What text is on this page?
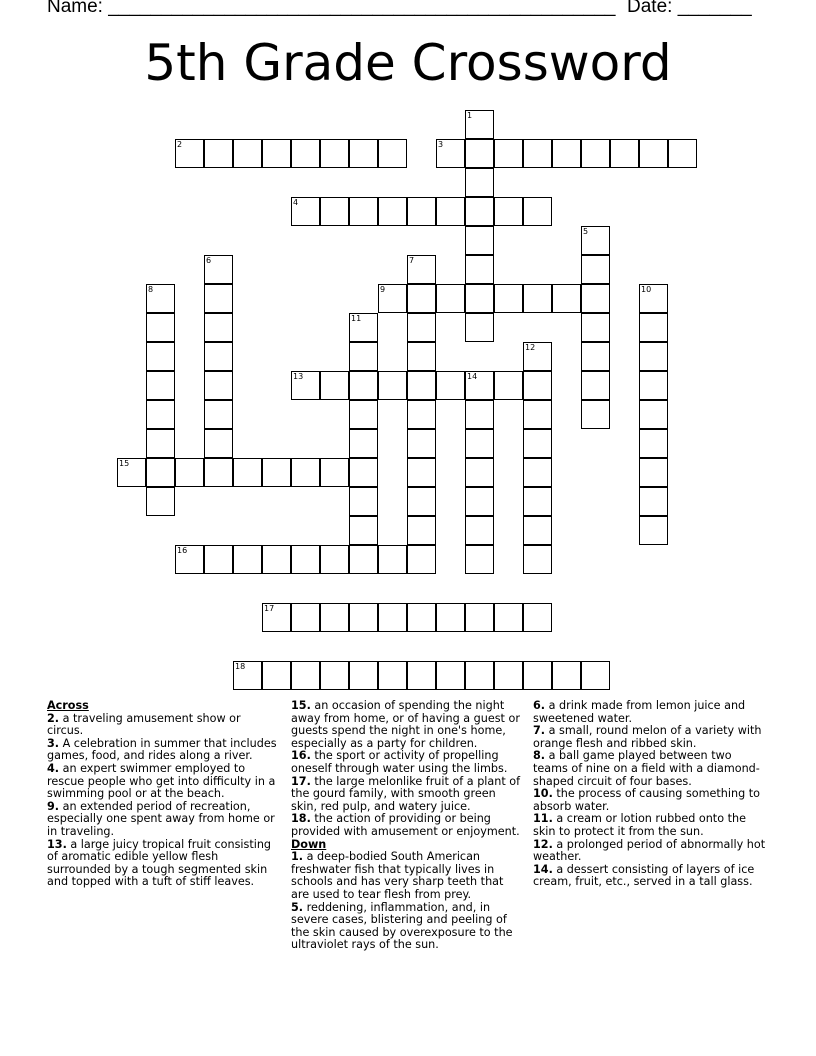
Name: ________________________________________________ Date: _______
5th Grade Crossword
1
2	3
4
5
6	7
8	9	10
11
12
13	14
15
16
17
18

Across

2. a traveling amusement show or circus.

3. A celebration in summer that includes games, food, and rides along a river.

4. an expert swimmer employed to rescue people who get into difficulty in a swimming pool or at the beach.

9. an extended period of recreation, especially one spent away from home or in traveling.

13. a large juicy tropical fruit consisting of aromatic edible yellow flesh surrounded by a tough segmented skin and topped with a tuft of stiff leaves.

15. an occasion of spending the night away from home, or of having a guest or guests spend the night in one's home, especially as a party for children.

16. the sport or activity of propelling oneself through water using the limbs.

17. the large melonlike fruit of a plant of the gourd family, with smooth green skin, red pulp, and watery juice.

18. the action of providing or being provided with amusement or enjoyment.

Down

1. a deep-bodied South American freshwater fish that typically lives in schools and has very sharp teeth that are used to tear flesh from prey.

5. reddening, inflammation, and, in severe cases, blistering and peeling of the skin caused by overexposure to the ultraviolet rays of the sun.

6. a drink made from lemon juice and sweetened water.

7. a small, round melon of a variety with orange flesh and ribbed skin.

8. a ball game played between two teams of nine on a field with a diamond-shaped circuit of four bases.

10. the process of causing something to absorb water.

11. a cream or lotion rubbed onto the skin to protect it from the sun.

12. a prolonged period of abnormally hot weather.

14. a dessert consisting of layers of ice cream, fruit, etc., served in a tall glass.
